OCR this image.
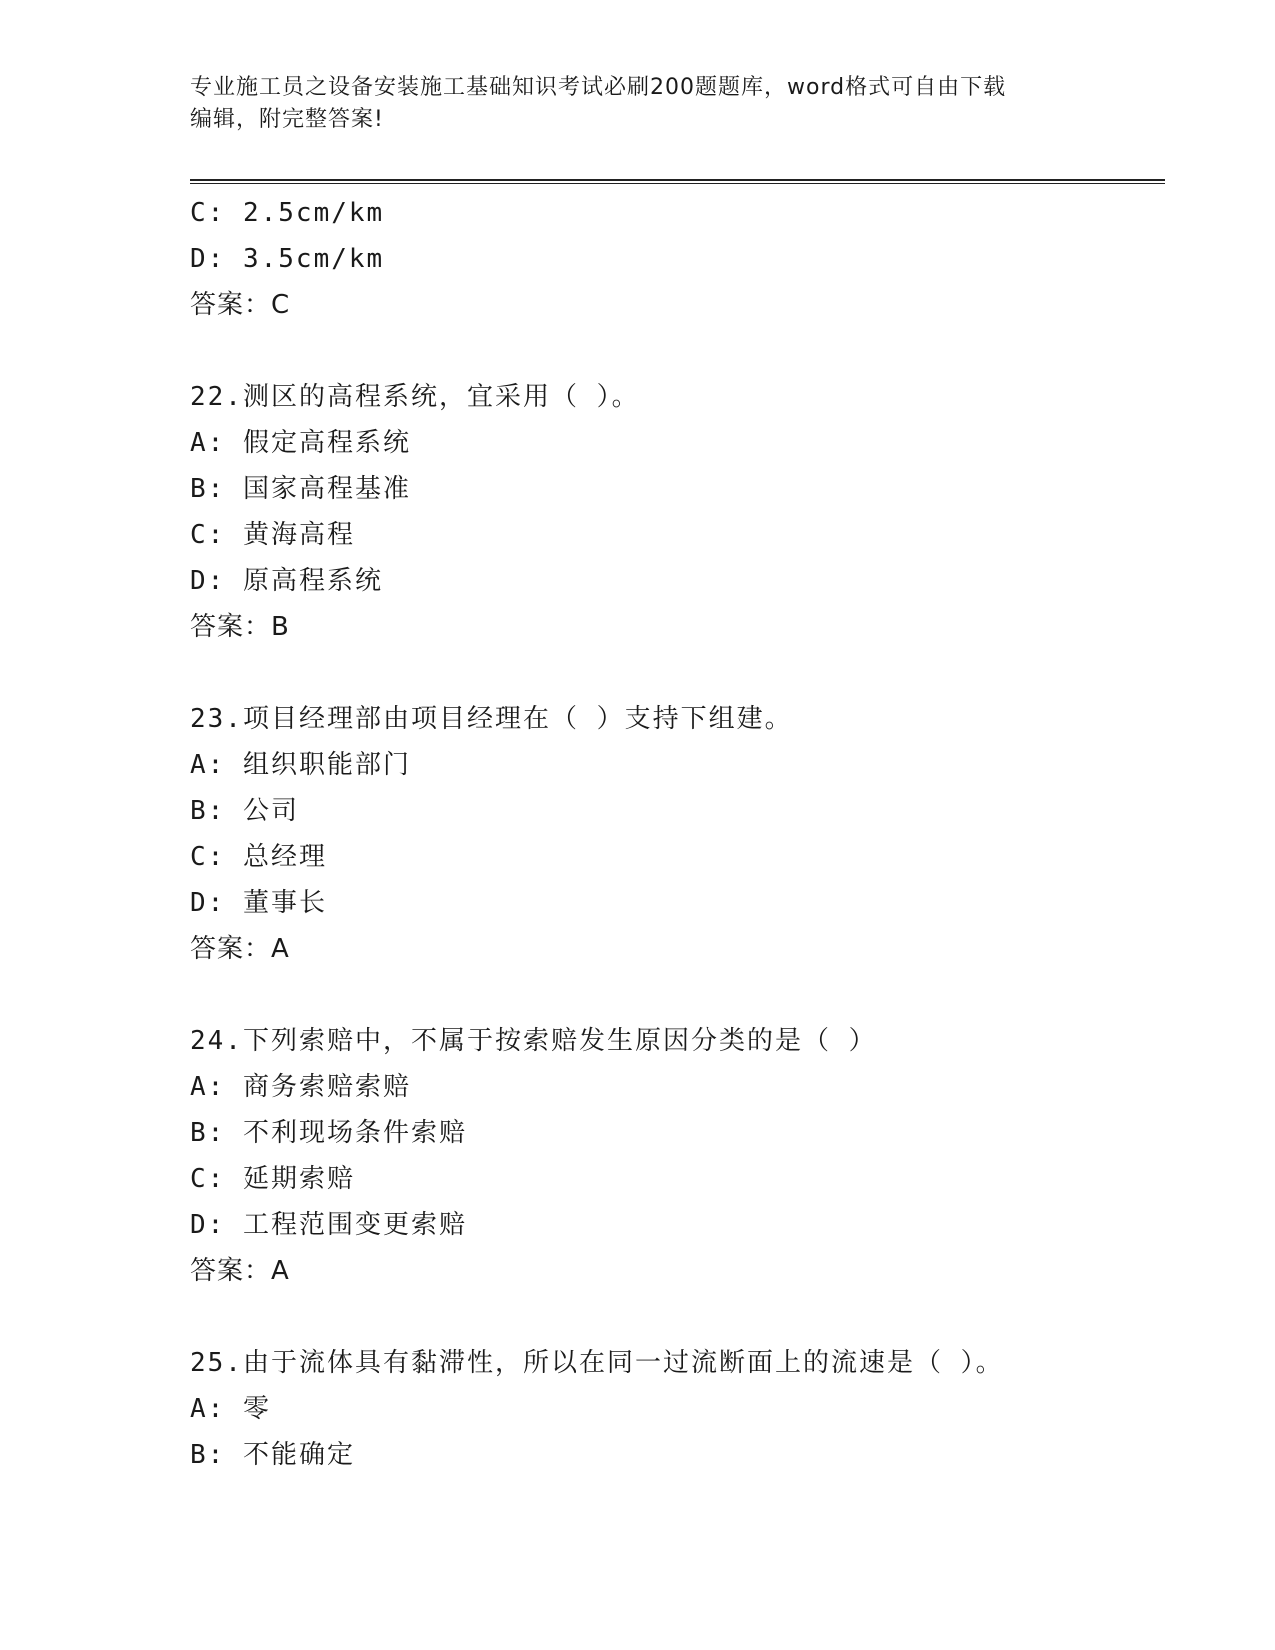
专业施工员之设备安装施工基础知识考试必刷200题题库，word格式可自由下载
编辑，附完整答案!
C: 2.5cm/km
D: 3.5cm/km
答案：C
22.测区的高程系统，宜采用（ ）。
A: 假定高程系统
B: 国家高程基准
C: 黄海高程
D: 原高程系统
答案：B
23.项目经理部由项目经理在（ ）支持下组建。
A: 组织职能部门
B: 公司
C: 总经理
D: 董事长
答案：A
24.下列索赔中，不属于按索赔发生原因分类的是（ ）
A: 商务索赔索赔
B: 不利现场条件索赔
C: 延期索赔
D: 工程范围变更索赔
答案：A
25.由于流体具有黏滞性，所以在同一过流断面上的流速是（ ）。
A: 零
B: 不能确定
